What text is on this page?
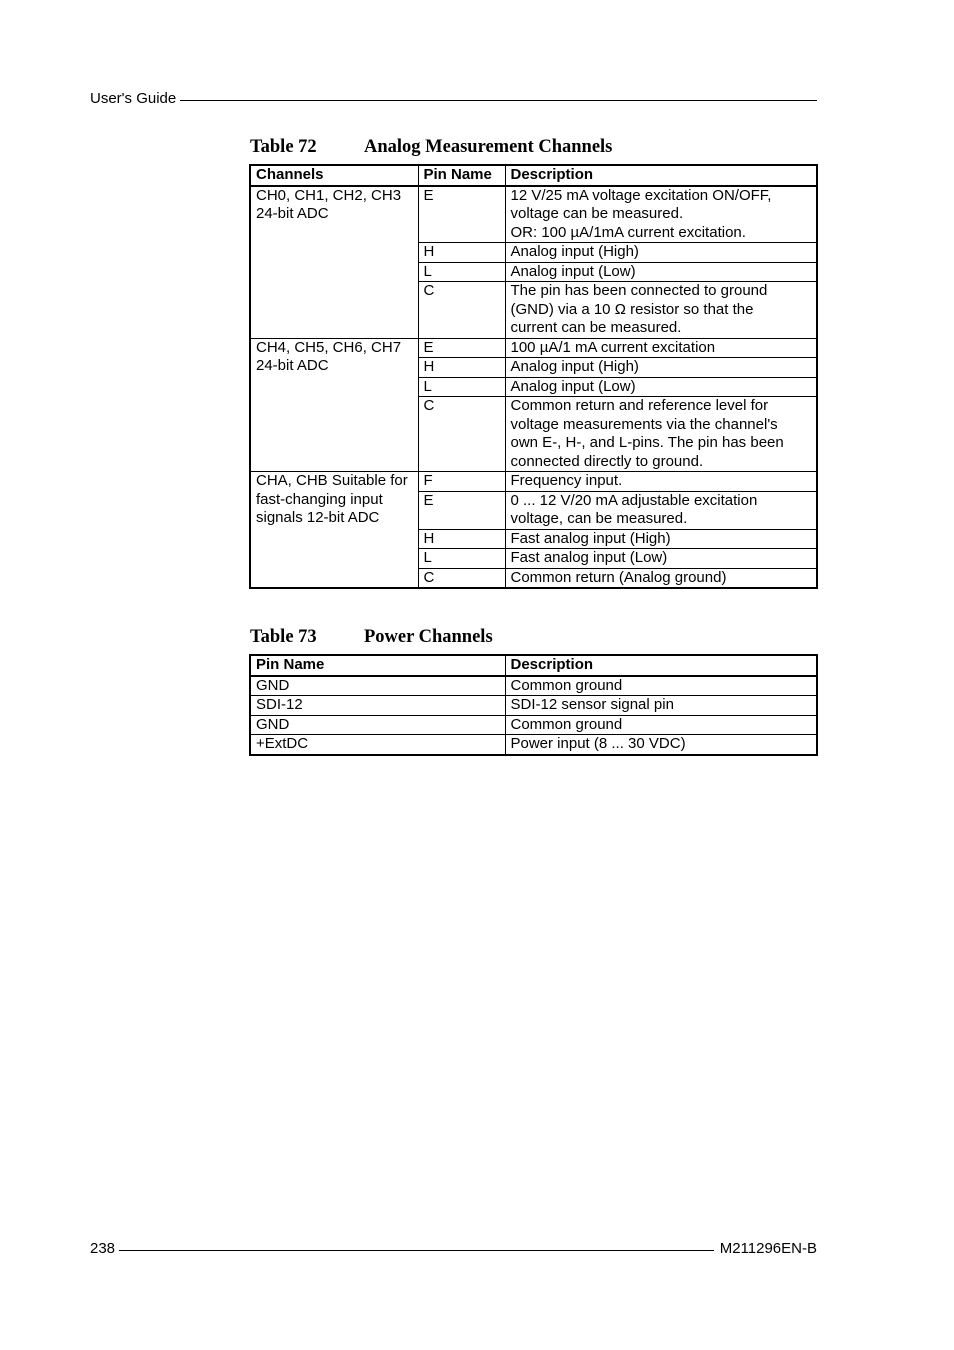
User's Guide
Table 72	Analog Measurement Channels
Channels	Pin Name	Description
CH0, CH1, CH2, CH3 24-bit ADC	E	12 V/25 mA voltage excitation ON/OFF,
voltage can be measured.
OR: 100 µA/1mA current excitation.

	H	Analog input (High)

	L	Analog input (Low)

	C	The pin has been connected to ground
(GND) via a 10 Ω resistor so that the
current can be measured.

CH4, CH5, CH6, CH7 24-bit ADC	E	100 µA/1 mA current excitation

	H	Analog input (High)

	L	Analog input (Low)

	C	Common return and reference level for
voltage measurements via the channel's
own E-, H-, and L-pins. The pin has been
connected directly to ground.

CHA, CHB Suitable for fast-changing input signals 12-bit ADC	F	Frequency input.

	E	0 ... 12 V/20 mA adjustable excitation
voltage, can be measured.

	H	Fast analog input (High)

	L	Fast analog input (Low)

	C	Common return (Analog ground)
Table 73	Power Channels
Pin Name	Description
GND	Common ground
SDI-12	SDI-12 sensor signal pin
GND	Common ground
+ExtDC	Power input (8 ... 30 VDC)
238	M211296EN-B
